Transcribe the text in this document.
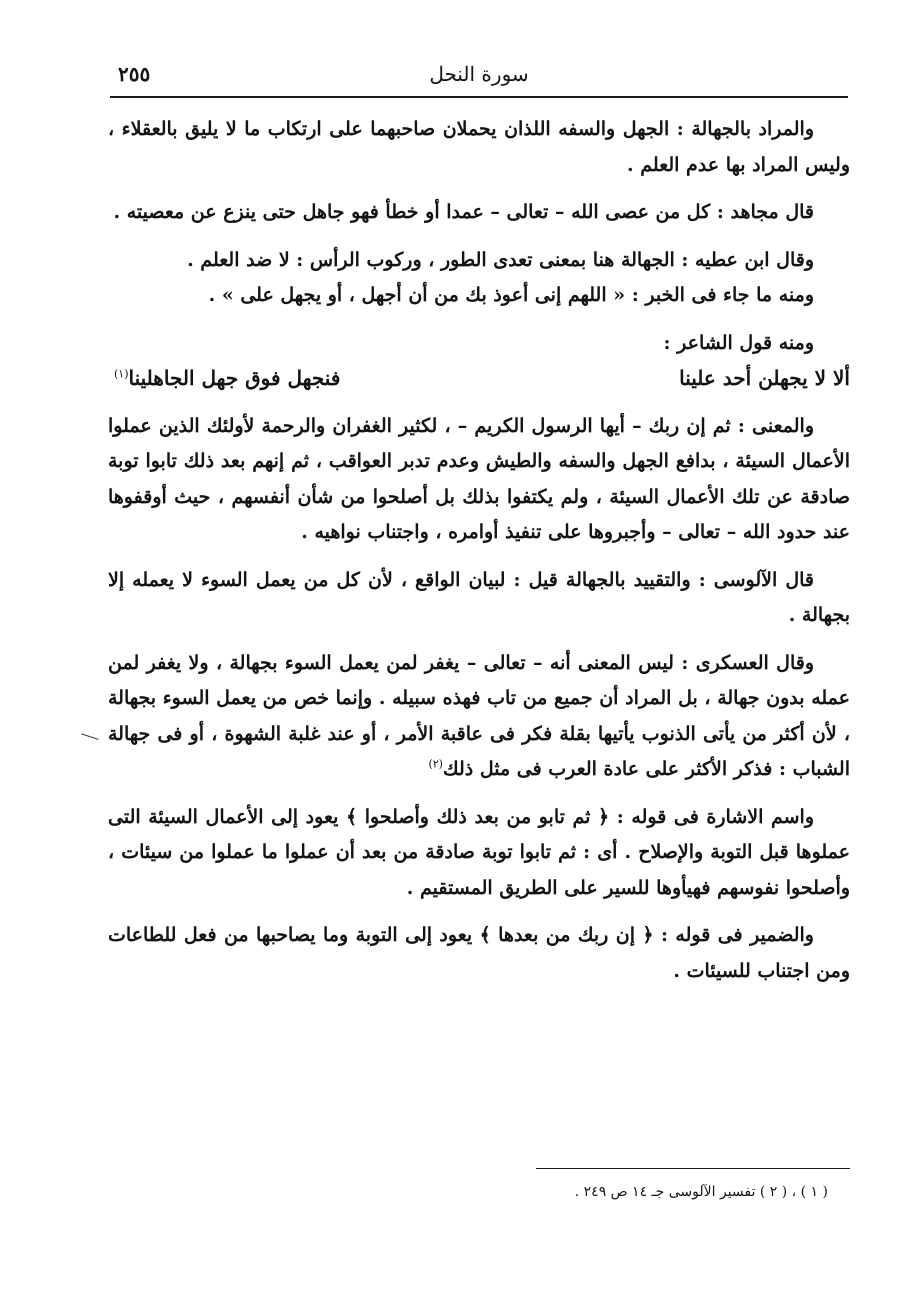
٢٥٥	سورة النحل

والمراد بالجهالة : الجهل والسفه اللذان يحملان صاحبهما على ارتكاب ما لا يليق بالعقلاء ، وليس المراد بها عدم العلم .

قال مجاهد : كل من عصى الله – تعالى – عمدا أو خطأ فهو جاهل حتى ينزع عن معصيته .

وقال ابن عطيه : الجهالة هنا بمعنى تعدى الطور ، وركوب الرأس : لا ضد العلم .

ومنه ما جاء فى الخبر : « اللهم إنى أعوذ بك من أن أجهل ، أو يجهل على » .

ومنه قول الشاعر :

ألا لا يجهلن أحد علينا
فنجهل فوق جهل الجاهلينا$^{(١)}$

والمعنى : ثم إن ربك – أيها الرسول الكريم – ، لكثير الغفران والرحمة لأولئك الذين عملوا الأعمال السيئة ، بدافع الجهل والسفه والطيش وعدم تدبر العواقب ، ثم إنهم بعد ذلك تابوا توبة صادقة عن تلك الأعمال السيئة ، ولم يكتفوا بذلك بل أصلحوا من شأن أنفسهم ، حيث أوقفوها عند حدود الله – تعالى – وأجبروها على تنفيذ أوامره ، واجتناب نواهيه .

قال الآلوسى : والتقييد بالجهالة قيل : لبيان الواقع ، لأن كل من يعمل السوء لا يعمله إلا بجهالة .

وقال العسكرى : ليس المعنى أنه – تعالى – يغفر لمن يعمل السوء بجهالة ، ولا يغفر لمن عمله بدون جهالة ، بل المراد أن جميع من تاب فهذه سبيله . وإنما خص من يعمل السوء بجهالة ، لأن أكثر من يأتى الذنوب يأتيها بقلة فكر فى عاقبة الأمر ، أو عند غلبة الشهوة ، أو فى جهالة الشباب : فذكر الأكثر على عادة العرب فى مثل ذلك$^{(٢)}$

واسم الاشارة فى قوله : ﴿ ثم تابو من بعد ذلك وأصلحوا ﴾ يعود إلى الأعمال السيئة التى عملوها قبل التوبة والإصلاح . أى : ثم تابوا توبة صادقة من بعد أن عملوا ما عملوا من سيئات ، وأصلحوا نفوسهم فهيأوها للسير على الطريق المستقيم .

والضمير فى قوله : ﴿ إن ربك من بعدها ﴾ يعود إلى التوبة وما يصاحبها من فعل للطاعات ومن اجتناب للسيئات .

( ١ ) ، ( ٢ ) تفسير الآلوسى جـ ١٤ ص ٢٤٩ .
